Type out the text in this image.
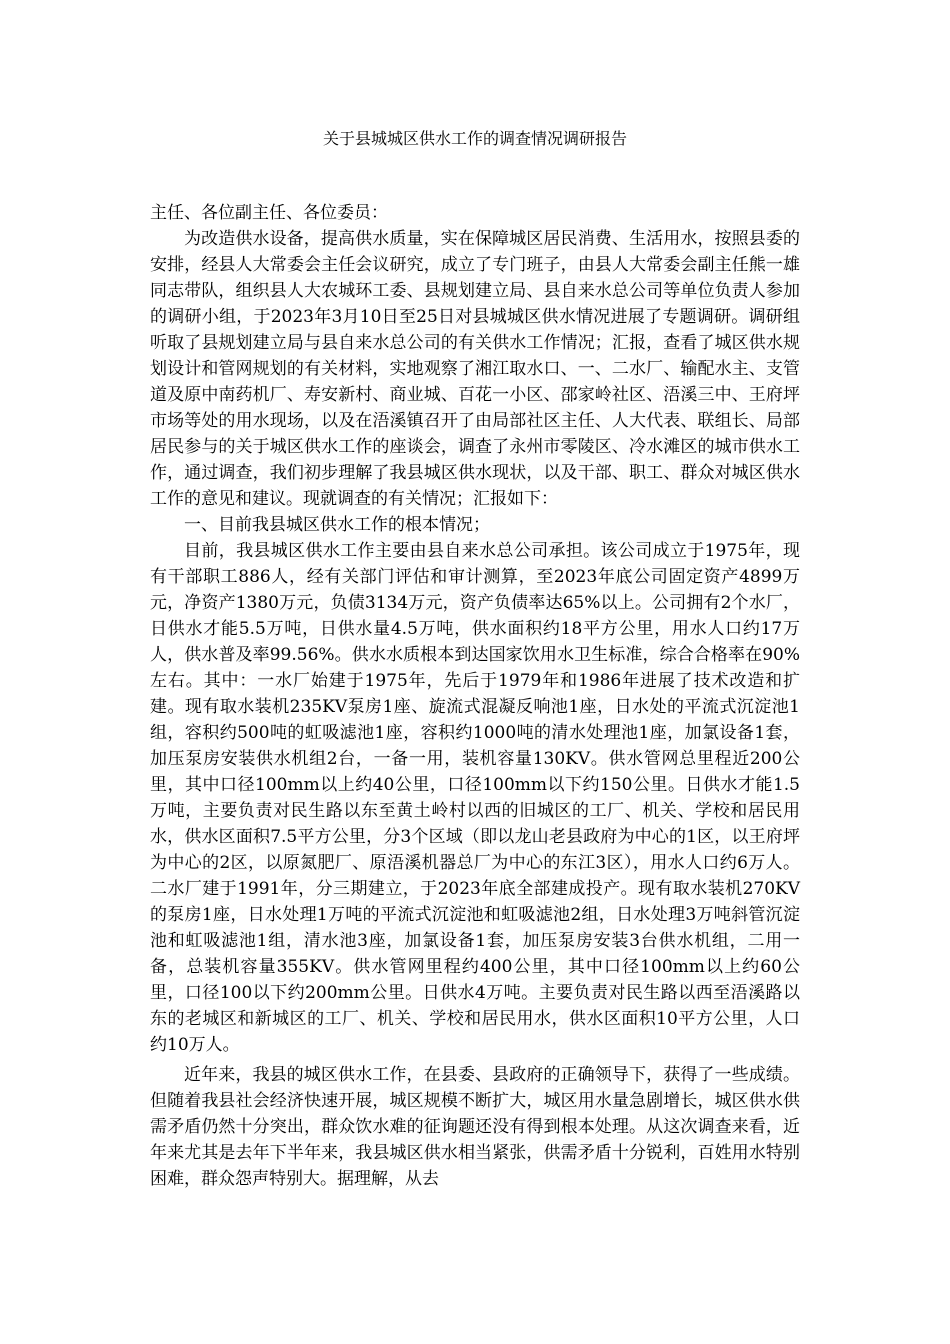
关于县城城区供水工作的调查情况调研报告

主任、各位副主任、各位委员：

为改造供水设备，提高供水质量，实在保障城区居民消费、生活用水，按照县委的安排，经县人大常委会主任会议研究，成立了专门班子，由县人大常委会副主任熊一雄同志带队，组织县人大农城环工委、县规划建立局、县自来水总公司等单位负责人参加的调研小组，于2023年3月10日至25日对县城城区供水情况进展了专题调研。调研组听取了县规划建立局与县自来水总公司的有关供水工作情况；汇报，查看了城区供水规划设计和管网规划的有关材料，实地观察了湘江取水口、一、二水厂、输配水主、支管道及原中南药机厂、寿安新村、商业城、百花一小区、邵家岭社区、浯溪三中、王府坪市场等处的用水现场，以及在浯溪镇召开了由局部社区主任、人大代表、联组长、局部居民参与的关于城区供水工作的座谈会，调查了永州市零陵区、冷水滩区的城市供水工作，通过调查，我们初步理解了我县城区供水现状，以及干部、职工、群众对城区供水工作的意见和建议。现就调查的有关情况；汇报如下：

一、目前我县城区供水工作的根本情况；

目前，我县城区供水工作主要由县自来水总公司承担。该公司成立于1975年，现有干部职工886人，经有关部门评估和审计测算，至2023年底公司固定资产4899万元，净资产1380万元，负债3134万元，资产负债率达65%以上。公司拥有2个水厂，日供水才能5.5万吨，日供水量4.5万吨，供水面积约18平方公里，用水人口约17万人，供水普及率99.56%。供水水质根本到达国家饮用水卫生标准，综合合格率在90%左右。其中：一水厂始建于1975年，先后于1979年和1986年进展了技术改造和扩建。现有取水装机235KV泵房1座、旋流式混凝反响池1座，日水处的平流式沉淀池1组，容积约500吨的虹吸滤池1座，容积约1000吨的清水处理池1座，加氯设备1套，加压泵房安装供水机组2台，一备一用，装机容量130KV。供水管网总里程近200公里，其中口径100mm以上约40公里，口径100mm以下约150公里。日供水才能1.5万吨，主要负责对民生路以东至黄土岭村以西的旧城区的工厂、机关、学校和居民用水，供水区面积7.5平方公里，分3个区域（即以龙山老县政府为中心的1区，以王府坪为中心的2区，以原氮肥厂、原浯溪机器总厂为中心的东江3区），用水人口约6万人。二水厂建于1991年，分三期建立，于2023年底全部建成投产。现有取水装机270KV的泵房1座，日水处理1万吨的平流式沉淀池和虹吸滤池2组，日水处理3万吨斜管沉淀池和虹吸滤池1组，清水池3座，加氯设备1套，加压泵房安装3台供水机组，二用一备，总装机容量355KV。供水管网里程约400公里，其中口径100mm以上约60公里，口径100以下约200mm公里。日供水4万吨。主要负责对民生路以西至浯溪路以东的老城区和新城区的工厂、机关、学校和居民用水，供水区面积10平方公里，人口约10万人。

近年来，我县的城区供水工作，在县委、县政府的正确领导下，获得了一些成绩。但随着我县社会经济快速开展，城区规模不断扩大，城区用水量急剧增长，城区供水供需矛盾仍然十分突出，群众饮水难的征询题还没有得到根本处理。从这次调查来看，近年来尤其是去年下半年来，我县城区供水相当紧张，供需矛盾十分锐利，百姓用水特别困难，群众怨声特别大。据理解，从去
